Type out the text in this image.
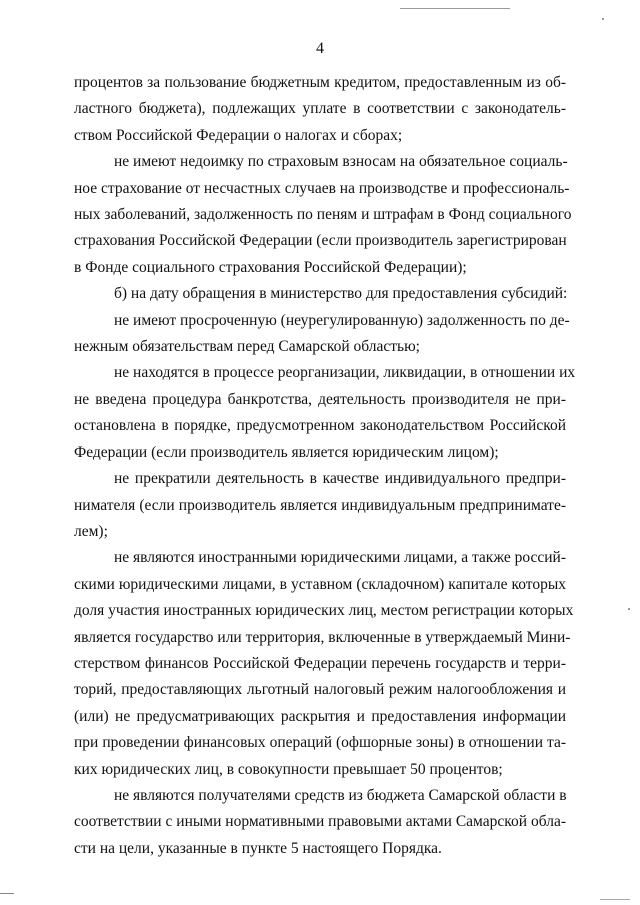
4

процентов за пользование бюджетным кредитом, предоставленным из об-
ластного бюджета), подлежащих уплате в соответствии с законодатель-
ством Российской Федерации о налогах и сборах;

не имеют недоимку по страховым взносам на обязательное социаль-
ное страхование от несчастных случаев на производстве и профессиональ-
ных заболеваний, задолженность по пеням и штрафам в Фонд социального
страхования Российской Федерации (если производитель зарегистрирован
в Фонде социального страхования Российской Федерации);

б) на дату обращения в министерство для предоставления субсидий:

не имеют просроченную (неурегулированную) задолженность по де-
нежным обязательствам перед Самарской областью;

не находятся в процессе реорганизации, ликвидации, в отношении их
не введена процедура банкротства, деятельность производителя не при-
остановлена в порядке, предусмотренном законодательством Российской
Федерации (если производитель является юридическим лицом);

не прекратили деятельность в качестве индивидуального предпри-
нимателя (если производитель является индивидуальным предпринимате-
лем);

не являются иностранными юридическими лицами, а также россий-
скими юридическими лицами, в уставном (складочном) капитале которых
доля участия иностранных юридических лиц, местом регистрации которых
является государство или территория, включенные в утверждаемый Мини-
стерством финансов Российской Федерации перечень государств и терри-
торий, предоставляющих льготный налоговый режим налогообложения и
(или) не предусматривающих раскрытия и предоставления информации
при проведении финансовых операций (офшорные зоны) в отношении та-
ких юридических лиц, в совокупности превышает 50 процентов;

не являются получателями средств из бюджета Самарской области в
соответствии с иными нормативными правовыми актами Самарской обла-
сти на цели, указанные в пункте 5 настоящего Порядка.
